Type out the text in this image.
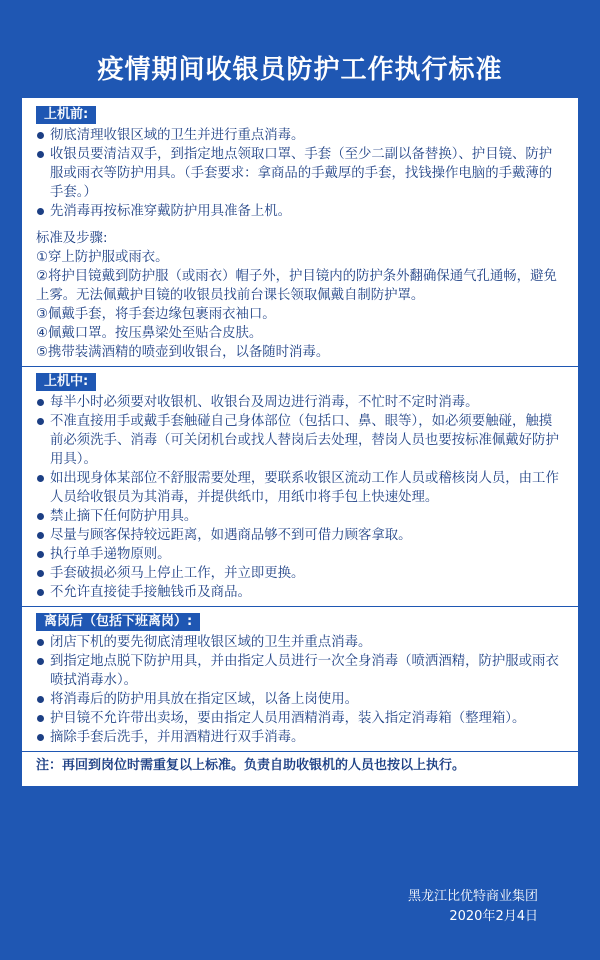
疫情期间收银员防护工作执行标准
上机前:
彻底清理收银区域的卫生并进行重点消毒。
收银员要清洁双手，到指定地点领取口罩、手套（至少二副以备替换）、护目镜、防护服或雨衣等防护用具。（手套要求：拿商品的手戴厚的手套，找钱操作电脑的手戴薄的手套。）
先消毒再按标准穿戴防护用具准备上机。
标准及步骤:
①穿上防护服或雨衣。
②将护目镜戴到防护服（或雨衣）帽子外，护目镜内的防护条外翻确保通气孔通畅，避免上雾。无法佩戴护目镜的收银员找前台课长领取佩戴自制防护罩。
③佩戴手套，将手套边缘包裹雨衣袖口。
④佩戴口罩。按压鼻梁处至贴合皮肤。
⑤携带装满酒精的喷壶到收银台，以备随时消毒。
上机中:
每半小时必须要对收银机、收银台及周边进行消毒，不忙时不定时消毒。
不准直接用手或戴手套触碰自己身体部位（包括口、鼻、眼等），如必须要触碰，触摸前必须洗手、消毒（可关闭机台或找人替岗后去处理，替岗人员也要按标准佩戴好防护用具）。
如出现身体某部位不舒服需要处理，要联系收银区流动工作人员或稽核岗人员，由工作人员给收银员为其消毒，并提供纸巾，用纸巾将手包上快速处理。
禁止摘下任何防护用具。
尽量与顾客保持较远距离，如遇商品够不到可借力顾客拿取。
执行单手递物原则。
手套破损必须马上停止工作，并立即更换。
不允许直接徒手接触钱币及商品。
离岗后（包括下班离岗）:
闭店下机的要先彻底清理收银区域的卫生并重点消毒。
到指定地点脱下防护用具，并由指定人员进行一次全身消毒（喷洒酒精，防护服或雨衣喷拭消毒水）。
将消毒后的防护用具放在指定区域，以备上岗使用。
护目镜不允许带出卖场，要由指定人员用酒精消毒，装入指定消毒箱（整理箱）。
摘除手套后洗手，并用酒精进行双手消毒。
注：再回到岗位时需重复以上标准。负责自助收银机的人员也按以上执行。
黑龙江比优特商业集团
2020年2月4日
